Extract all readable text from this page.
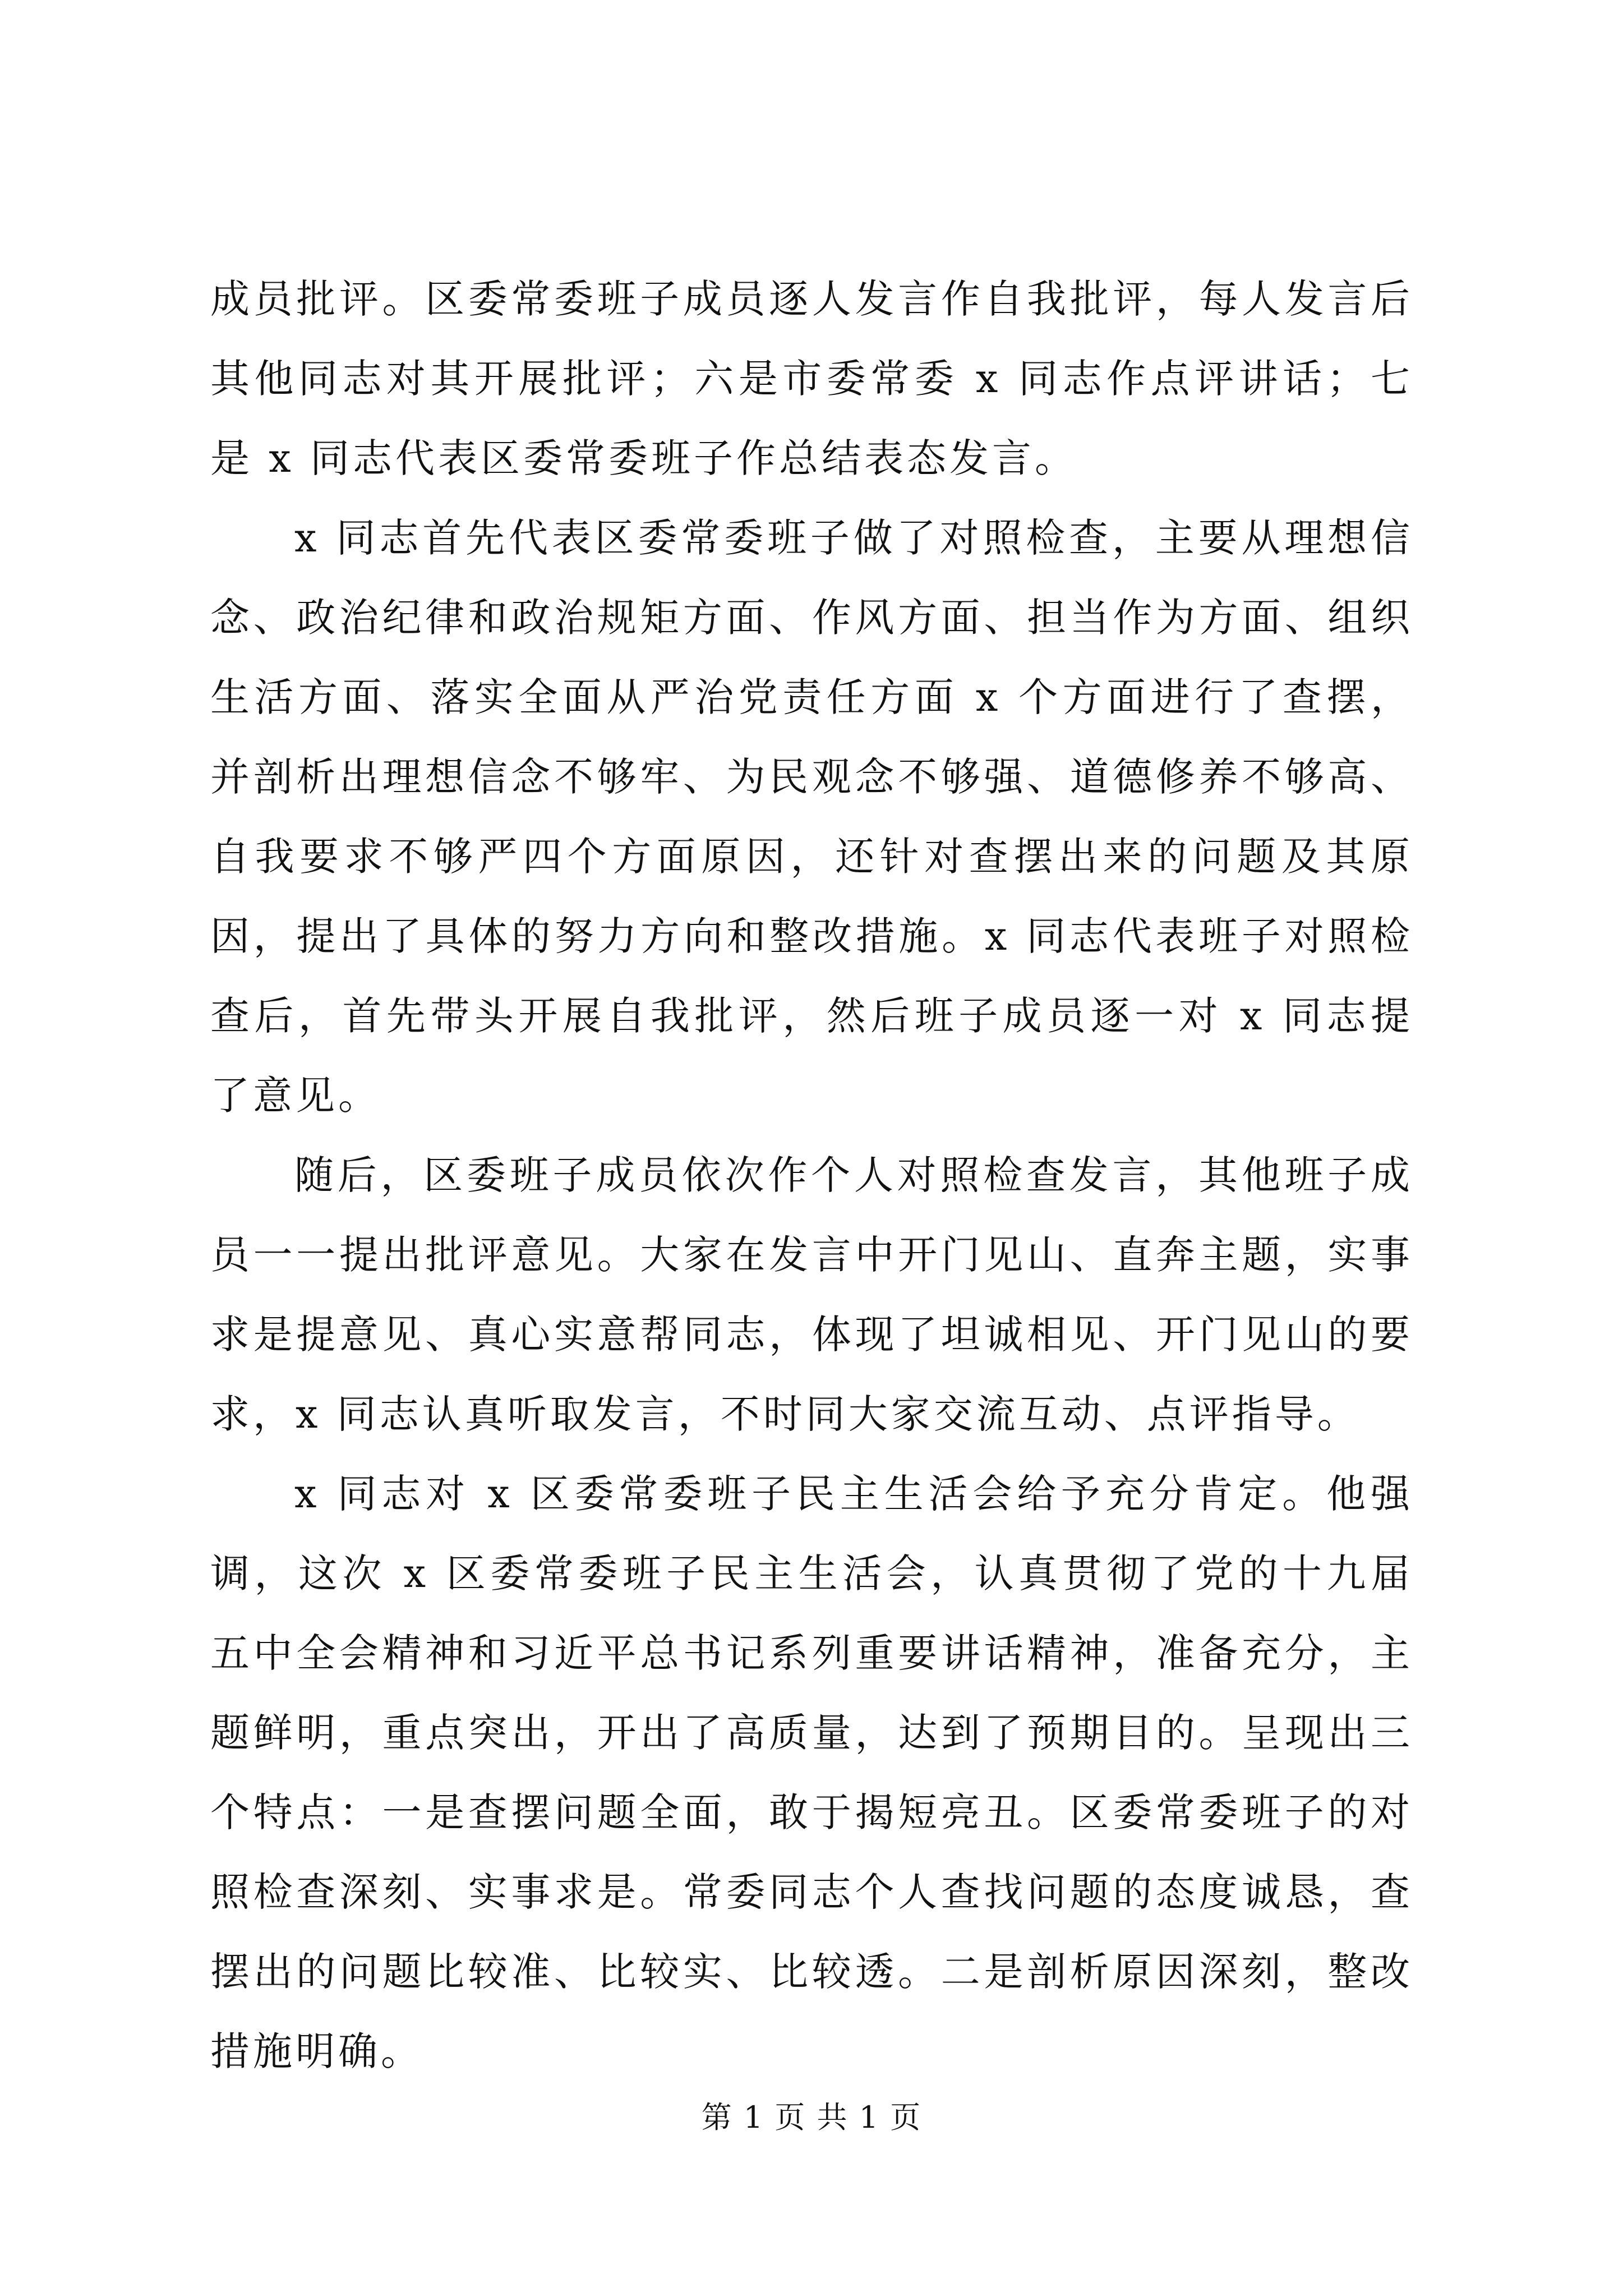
成员批评。区委常委班子成员逐人发言作自我批评，每人发言后其他同志对其开展批评；六是市委常委 x 同志作点评讲话；七是 x 同志代表区委常委班子作总结表态发言。

x 同志首先代表区委常委班子做了对照检查，主要从理想信念、政治纪律和政治规矩方面、作风方面、担当作为方面、组织生活方面、落实全面从严治党责任方面 x 个方面进行了查摆，并剖析出理想信念不够牢、为民观念不够强、道德修养不够高、自我要求不够严四个方面原因，还针对查摆出来的问题及其原因，提出了具体的努力方向和整改措施。x 同志代表班子对照检查后，首先带头开展自我批评，然后班子成员逐一对 x 同志提了意见。

随后，区委班子成员依次作个人对照检查发言，其他班子成员一一提出批评意见。大家在发言中开门见山、直奔主题，实事求是提意见、真心实意帮同志，体现了坦诚相见、开门见山的要求，x 同志认真听取发言，不时同大家交流互动、点评指导。

x 同志对 x 区委常委班子民主生活会给予充分肯定。他强调，这次 x 区委常委班子民主生活会，认真贯彻了党的十九届五中全会精神和习近平总书记系列重要讲话精神，准备充分，主题鲜明，重点突出，开出了高质量，达到了预期目的。呈现出三个特点：一是查摆问题全面，敢于揭短亮丑。区委常委班子的对照检查深刻、实事求是。常委同志个人查找问题的态度诚恳，查摆出的问题比较准、比较实、比较透。二是剖析原因深刻，整改措施明确。

第 1 页 共 1 页
